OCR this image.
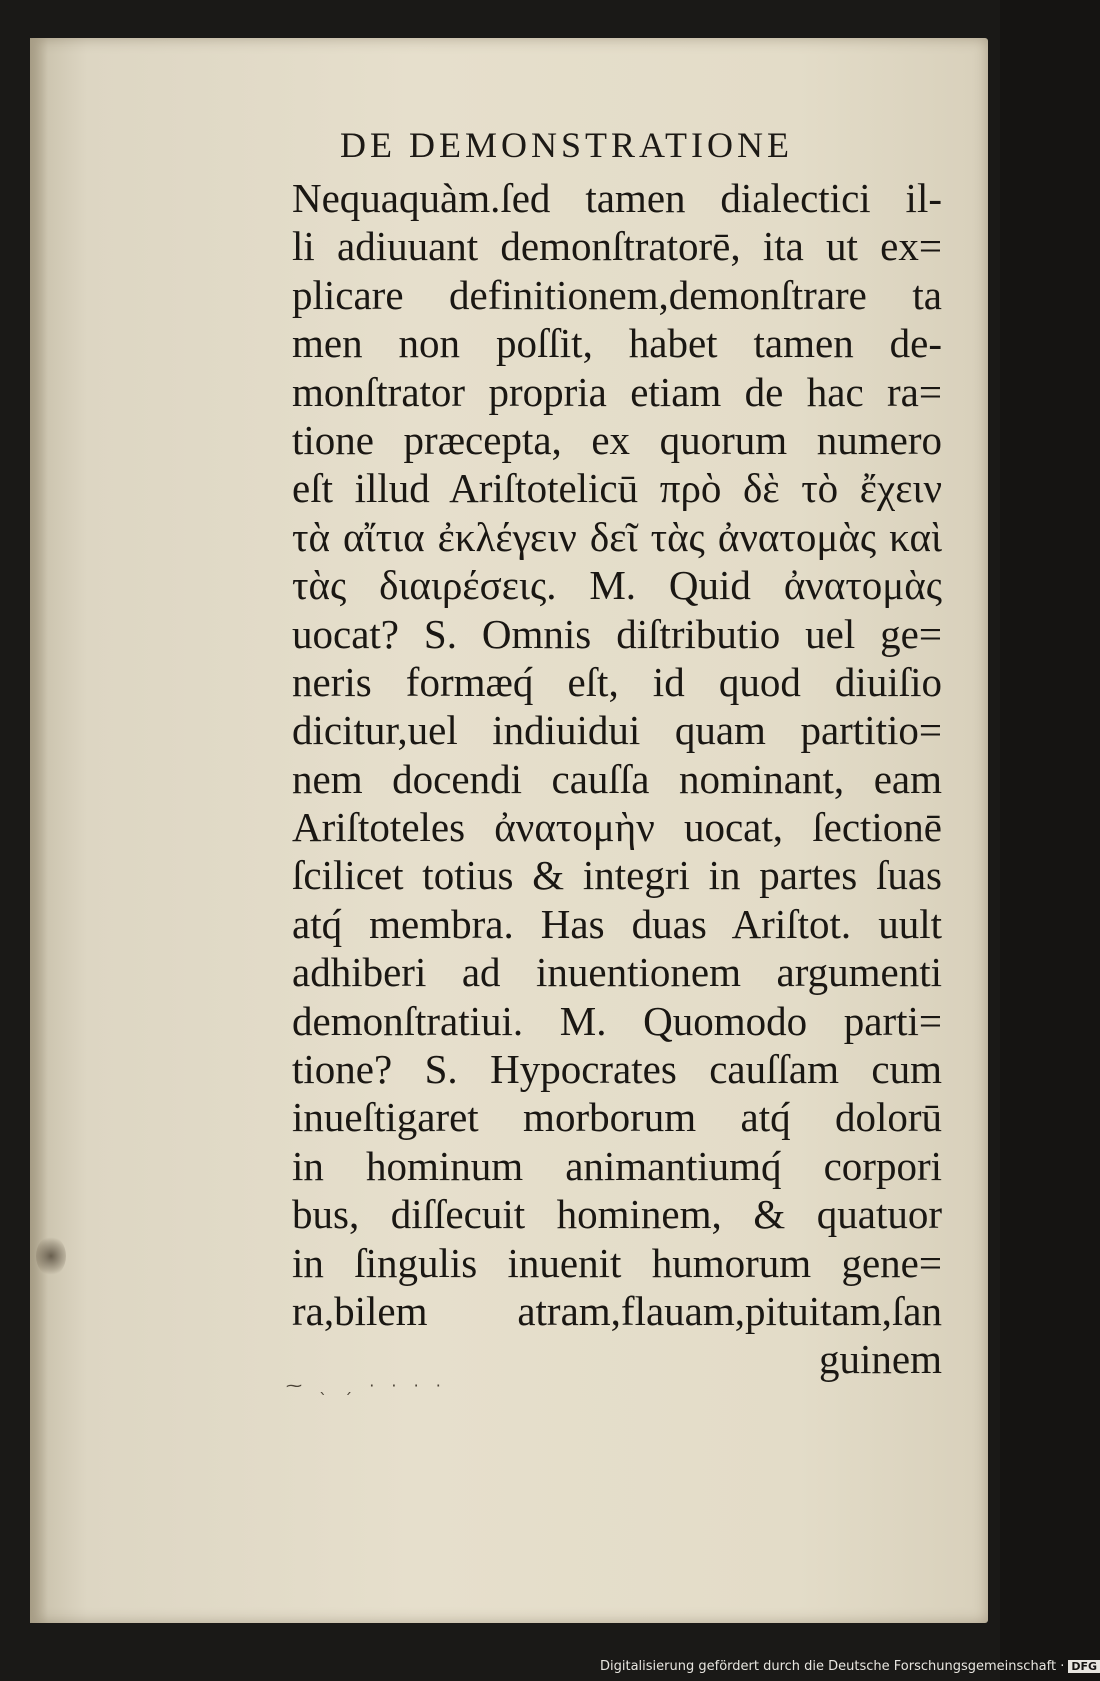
DE DEMONSTRATIONE
Nequaquàm.ſed tamen dialectici il-
li adiuuant demonſtratorē, ita ut ex=
plicare definitionem,demonſtrare ta
men non poſſit, habet tamen de-
monſtrator propria etiam de hac ra=
tione præcepta, ex quorum numero
eſt illud Ariſtotelicū πρὸ δὲ τὸ ἔχειν
τὰ αἴτια ἐκλέγειν δεῖ τὰς ἀνατομὰς καὶ
τὰς διαιρέσεις. M. Quid ἀνατομὰς
uocat? S. Omnis diſtributio uel ge=
neris formæq́ eſt, id quod diuiſio
dicitur,uel indiuidui quam partitio=
nem docendi cauſſa nominant, eam
Ariſtoteles ἀνατομὴν uocat, ſectionē
ſcilicet totius & integri in partes ſuas
atq́ membra. Has duas Ariſtot. uult
adhiberi ad inuentionem argumenti
demonſtratiui. M. Quomodo parti=
tione? S. Hypocrates cauſſam cum
inueſtigaret morborum atq́ dolorū
in hominum animantiumq́ corpori
bus, diſſecuit hominem, & quatuor
in ſingulis inuenit humorum gene=
ra,bilem atram,flauam,pituitam,ſan
guinem
⁓ ˎ ˏ · · · ·
Digitalisierung gefördert durch die Deutsche Forschungsgemeinschaft · DFG
